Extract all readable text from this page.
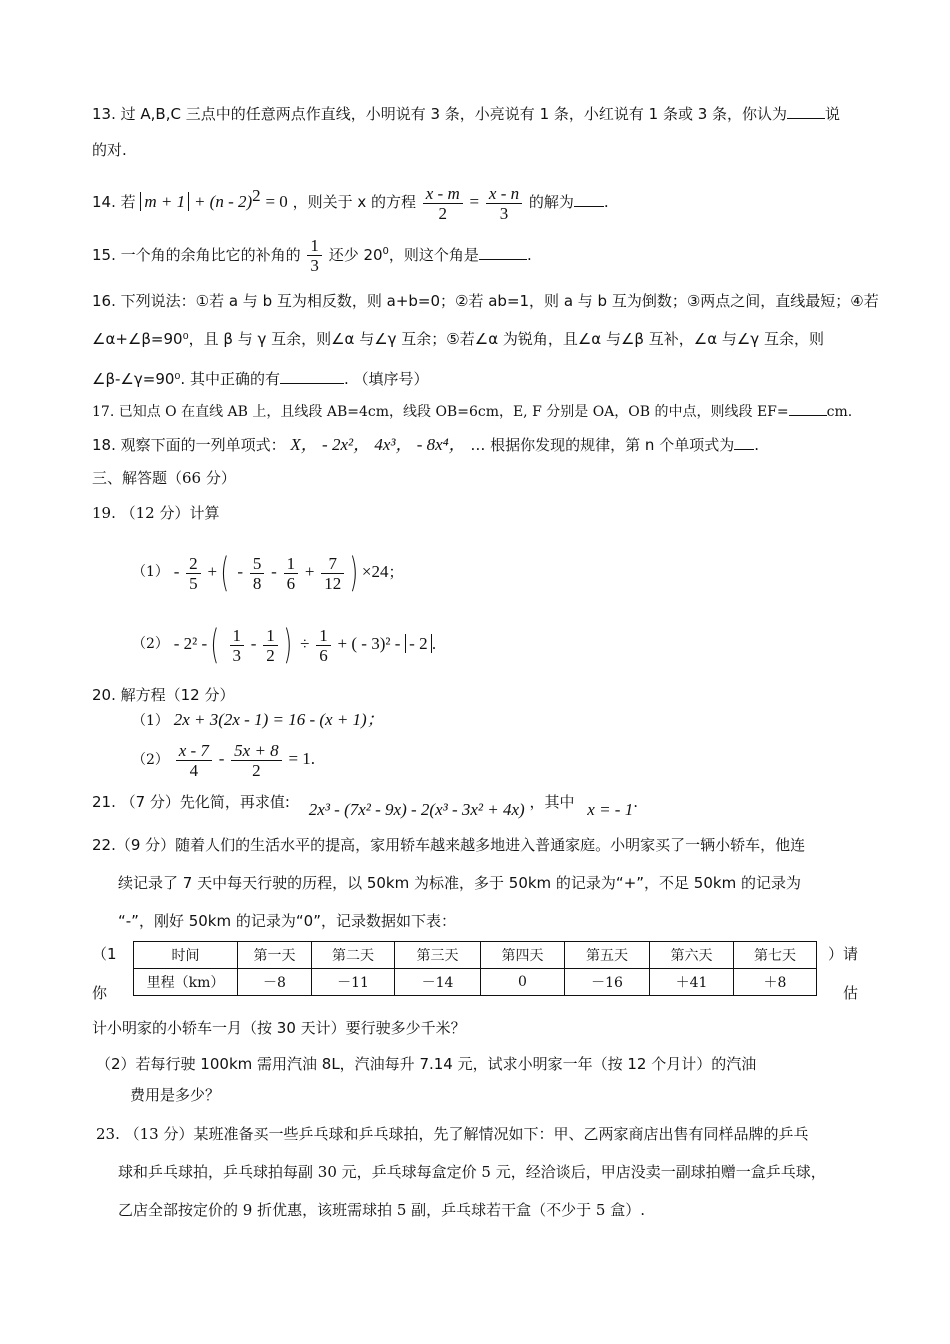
13. 过 A,B,C 三点中的任意两点作直线，小明说有 3 条，小亮说有 1 条，小红说有 1 条或 3 条，你认为	说
的对.
14. 若 m + 1 + (n - 2)$^2$ = 0 ，则关于 x 的方程 $\frac{x - m}{2} = \frac{x - n}{3}$ 的解为 .
15. 一个角的余角比它的补角的 $\frac{1}{3}$ 还少 $20^0$，则这个角是	.
16. 下列说法：①若 a 与 b 互为相反数，则 a+b=0；②若 ab=1，则 a 与 b 互为倒数；③两点之间，直线最短；④若
∠α+∠β=90⁰，且 β 与 γ 互余，则∠α 与∠γ 互余；⑤若∠α 为锐角，且∠α 与∠β 互补，∠α 与∠γ 互余，则
∠β-∠γ=90⁰. 其中正确的有	. （填序号）
17. 已知点 O 在直线 AB 上，且线段 AB=4cm，线段 OB=6cm，E, F 分别是 OA，OB 的中点，则线段 EF=	cm.
18. 观察下面的一列单项式： X， - 2x²， 4x³， - 8x⁴， … 根据你发现的规律，第 n 个单项式为 .
三、解答题（66 分）
19. （12 分）计算
$(1) - \frac{2}{5}$ +( - $\frac{5}{8} - \frac{1}{6} + \frac{7}{12}$ ) ×24；
（2） - 2² -( $\frac{1}{3} - \frac{1}{2}$ ) ÷ $\frac{1}{6}$ + ( - 3)² - - 2 .
20. 解方程（12 分）
（1） 2x + 3(2x - 1) = 16 - (x + 1)；
$(2) \frac{x - 7}{4} - \frac{5x + 8}{2} = 1$.
21. （7 分）先化简，再求值: 2x³ - (7x² - 9x) - 2(x³ - 3x² + 4x) ，其中 x = - 1.
22.（9 分）随着人们的生活水平的提高，家用轿车越来越多地进入普通家庭。小明家买了一辆小轿车，他连
续记录了 7 天中每天行驶的历程，以 50km 为标准，多于 50km 的记录为“+”，不足 50km 的记录为
“-”，刚好 50km 的记录为“0”，记录数据如下表：
（1
你
）请
估
时间	第一天	第二天	第三天	第四天	第五天	第六天	第七天
里程（km）	－8	－11	－14	0	－16	＋41	＋8
计小明家的小轿车一月（按 30 天计）要行驶多少千米？
（2）若每行驶 100km 需用汽油 8L，汽油每升 7.14 元，试求小明家一年（按 12 个月计）的汽油
费用是多少？
23. （13 分）某班准备买一些乒乓球和乒乓球拍，先了解情况如下：甲、乙两家商店出售有同样品牌的乒乓
球和乒乓球拍，乒乓球拍每副 30 元，乒乓球每盒定价 5 元，经洽谈后，甲店没卖一副球拍赠一盒乒乓球，
乙店全部按定价的 9 折优惠，该班需球拍 5 副，乒乓球若干盒（不少于 5 盒）.
